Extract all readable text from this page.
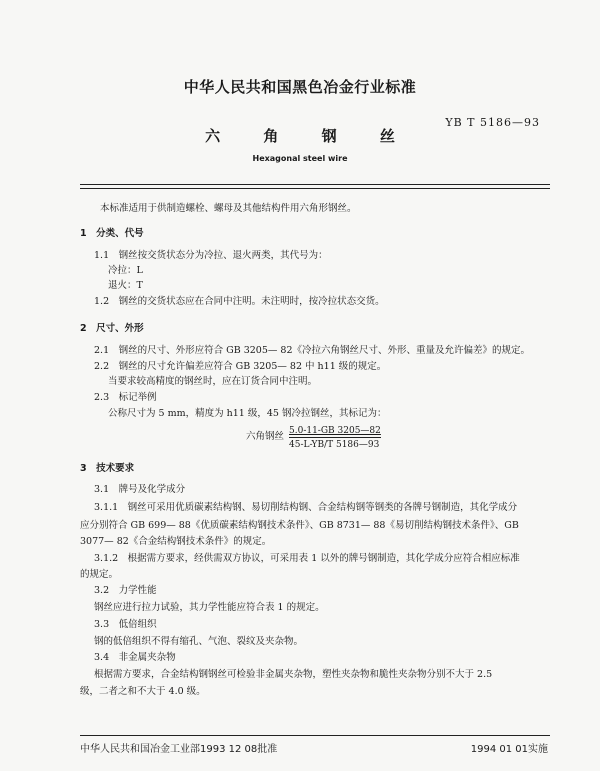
中华人民共和国黑色冶金行业标准
YB T 5186—93
六 角 钢 丝
Hexagonal steel wire
本标准适用于供制造螺栓、螺母及其他结构件用六角形钢丝。
1　分类、代号
1.1　钢丝按交货状态分为冷拉、退火两类，其代号为：
冷拉：L
退火：T
1.2　钢丝的交货状态应在合同中注明。未注明时，按冷拉状态交货。
2　尺寸、外形
2.1　钢丝的尺寸、外形应符合 GB 3205— 82《冷拉六角钢丝尺寸、外形、重量及允许偏差》的规定。
2.2　钢丝的尺寸允许偏差应符合 GB 3205— 82 中 h11 级的规定。
当要求较高精度的钢丝时，应在订货合同中注明。
2.3　标记举例
公称尺寸为 5 mm，精度为 h11 级，45 钢冷拉钢丝，其标记为：
六角钢丝 $\frac{5.0-11-GB 3205—82}{45-L-YB/T 5186—93}$
3　技术要求
3.1　牌号及化学成分
3.1.1　钢丝可采用优质碳素结构钢、易切削结构钢、合金结构钢等钢类的各牌号钢制造，其化学成分
应分别符合 GB 699— 88《优质碳素结构钢技术条件》、GB 8731— 88《易切削结构钢技术条件》、GB
3077— 82《合金结构钢技术条件》的规定。
3.1.2　根据需方要求，经供需双方协议，可采用表 1 以外的牌号钢制造，其化学成分应符合相应标准
的规定。
3.2　力学性能
钢丝应进行拉力试验，其力学性能应符合表 1 的规定。
3.3　低倍组织
钢的低倍组织不得有缩孔、气泡、裂纹及夹杂物。
3.4　非金属夹杂物
根据需方要求，合金结构钢钢丝可检验非金属夹杂物，塑性夹杂物和脆性夹杂物分别不大于 2.5
级，二者之和不大于 4.0 级。
中华人民共和国冶金工业部1993 12 08批准	1994 01 01实施
